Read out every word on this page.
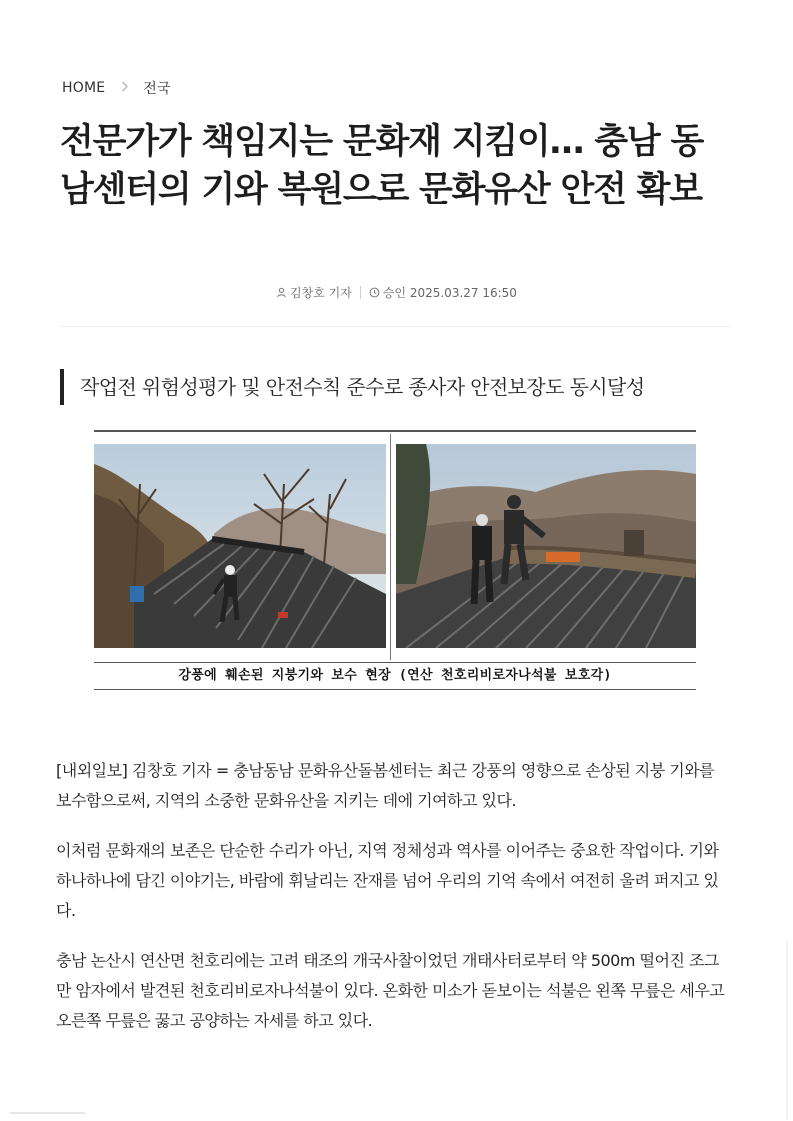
HOME	전국
전문가가 책임지는 문화재 지킴이… 충남 동남센터의 기와 복원으로 문화유산 안전 확보
김창호 기자	승인 2025.03.27 16:50
작업전 위험성평가 및 안전수칙 준수로 종사자 안전보장도 동시달성
강풍에 훼손된 지붕기와 보수 현장 (연산 천호리비로자나석불 보호각)

[내외일보] 김창호 기자 = 충남동남 문화유산돌봄센터는 최근 강풍의 영향으로 손상된 지붕 기와를 보수함으로써, 지역의 소중한 문화유산을 지키는 데에 기여하고 있다.

이처럼 문화재의 보존은 단순한 수리가 아닌, 지역 정체성과 역사를 이어주는 중요한 작업이다. 기와 하나하나에 담긴 이야기는, 바람에 휘날리는 잔재를 넘어 우리의 기억 속에서 여전히 울려 퍼지고 있다.

충남 논산시 연산면 천호리에는 고려 태조의 개국사찰이었던 개태사터로부터 약 500m 떨어진 조그만 암자에서 발견된 천호리비로자나석불이 있다. 온화한 미소가 돋보이는 석불은 왼쪽 무릎은 세우고 오른쪽 무릎은 꿇고 공양하는 자세를 하고 있다.
